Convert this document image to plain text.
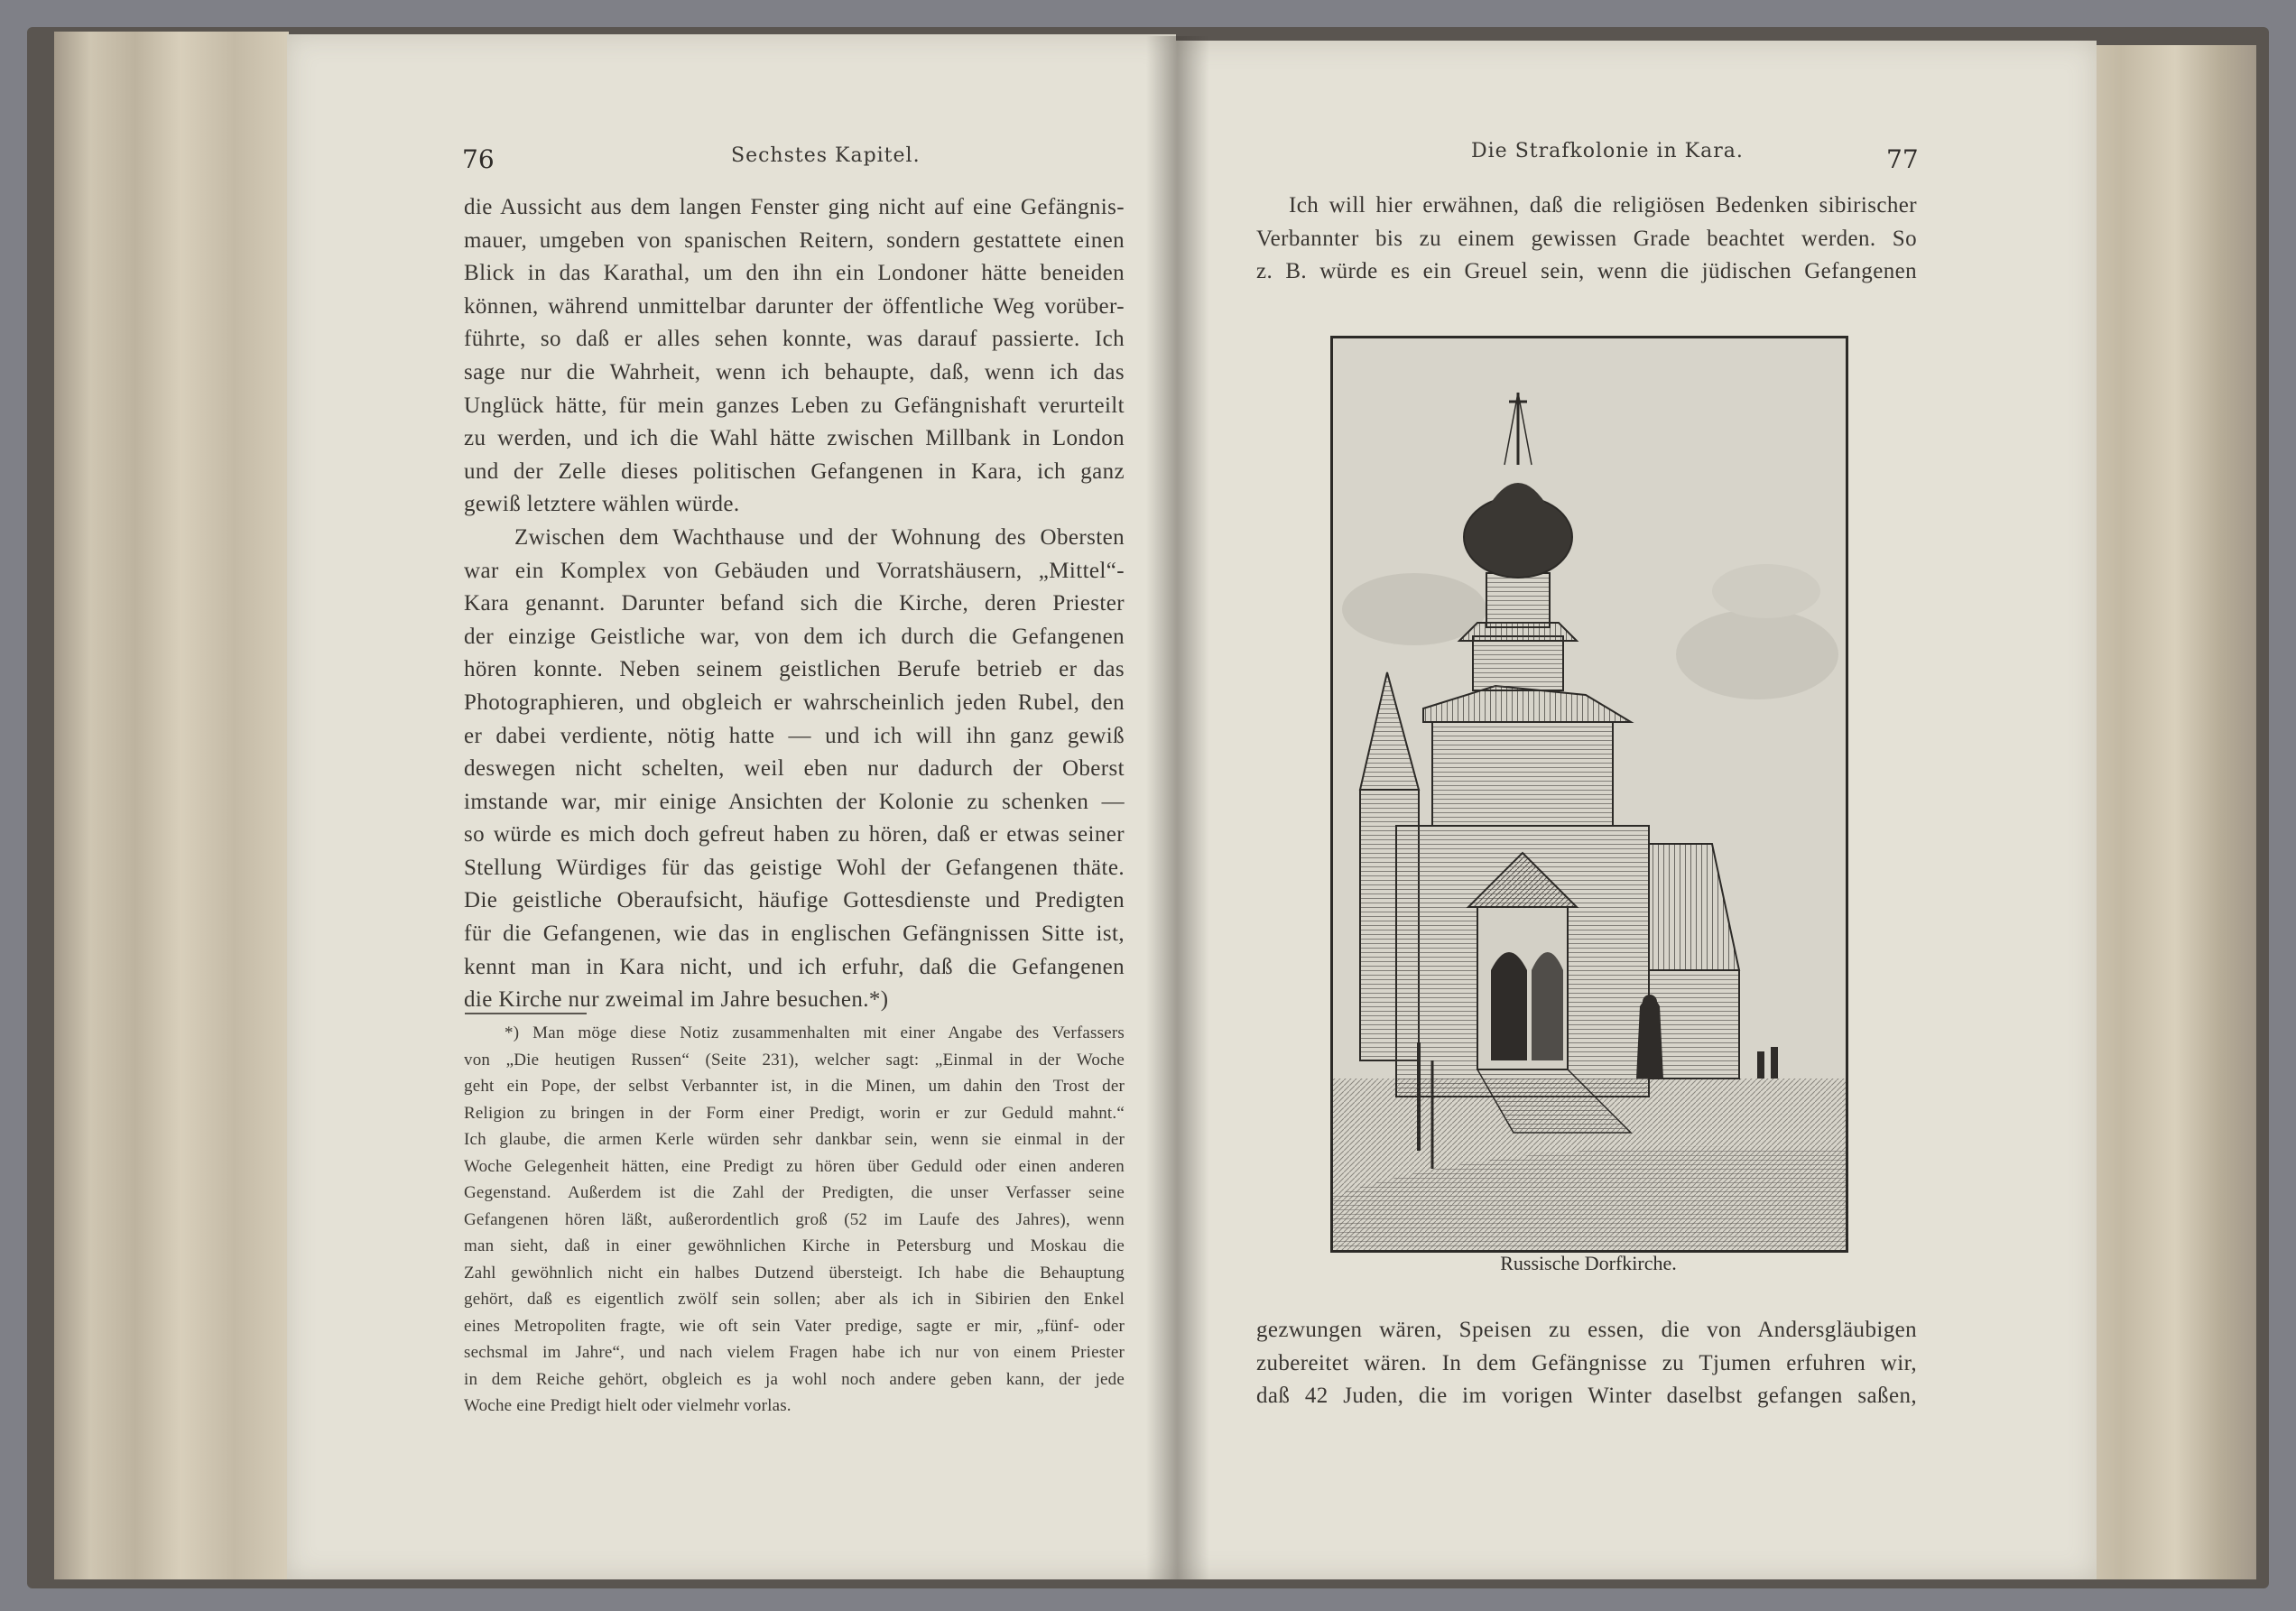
76	Sechstes Kapitel.
die Aussicht aus dem langen Fenster ging nicht auf eine Gefängnis-
mauer, umgeben von spanischen Reitern, sondern gestattete einen
Blick in das Karathal, um den ihn ein Londoner hätte beneiden
können, während unmittelbar darunter der öffentliche Weg vorüber-
führte, so daß er alles sehen konnte, was darauf passierte. Ich
sage nur die Wahrheit, wenn ich behaupte, daß, wenn ich das
Unglück hätte, für mein ganzes Leben zu Gefängnishaft verurteilt
zu werden, und ich die Wahl hätte zwischen Millbank in London
und der Zelle dieses politischen Gefangenen in Kara, ich ganz
gewiß letztere wählen würde.
Zwischen dem Wachthause und der Wohnung des Obersten
war ein Komplex von Gebäuden und Vorratshäusern, „Mittel“-
Kara genannt. Darunter befand sich die Kirche, deren Priester
der einzige Geistliche war, von dem ich durch die Gefangenen
hören konnte. Neben seinem geistlichen Berufe betrieb er das
Photographieren, und obgleich er wahrscheinlich jeden Rubel, den
er dabei verdiente, nötig hatte — und ich will ihn ganz gewiß
deswegen nicht schelten, weil eben nur dadurch der Oberst
imstande war, mir einige Ansichten der Kolonie zu schenken —
so würde es mich doch gefreut haben zu hören, daß er etwas seiner
Stellung Würdiges für das geistige Wohl der Gefangenen thäte.
Die geistliche Oberaufsicht, häufige Gottesdienste und Predigten
für die Gefangenen, wie das in englischen Gefängnissen Sitte ist,
kennt man in Kara nicht, und ich erfuhr, daß die Gefangenen
die Kirche nur zweimal im Jahre besuchen.*)
*) Man möge diese Notiz zusammenhalten mit einer Angabe des Verfassers
von „Die heutigen Russen“ (Seite 231), welcher sagt: „Einmal in der Woche
geht ein Pope, der selbst Verbannter ist, in die Minen, um dahin den Trost der
Religion zu bringen in der Form einer Predigt, worin er zur Geduld mahnt.“
Ich glaube, die armen Kerle würden sehr dankbar sein, wenn sie einmal in der
Woche Gelegenheit hätten, eine Predigt zu hören über Geduld oder einen anderen
Gegenstand. Außerdem ist die Zahl der Predigten, die unser Verfasser seine
Gefangenen hören läßt, außerordentlich groß (52 im Laufe des Jahres), wenn
man sieht, daß in einer gewöhnlichen Kirche in Petersburg und Moskau die
Zahl gewöhnlich nicht ein halbes Dutzend übersteigt. Ich habe die Behauptung
gehört, daß es eigentlich zwölf sein sollen; aber als ich in Sibirien den Enkel
eines Metropoliten fragte, wie oft sein Vater predige, sagte er mir, „fünf- oder
sechsmal im Jahre“, und nach vielem Fragen habe ich nur von einem Priester
in dem Reiche gehört, obgleich es ja wohl noch andere geben kann, der jede
Woche eine Predigt hielt oder vielmehr vorlas.
Die Strafkolonie in Kara.	77
Ich will hier erwähnen, daß die religiösen Bedenken sibirischer
Verbannter bis zu einem gewissen Grade beachtet werden. So
z. B. würde es ein Greuel sein, wenn die jüdischen Gefangenen
Russische Dorfkirche.
gezwungen wären, Speisen zu essen, die von Andersgläubigen
zubereitet wären. In dem Gefängnisse zu Tjumen erfuhren wir,
daß 42 Juden, die im vorigen Winter daselbst gefangen saßen,
